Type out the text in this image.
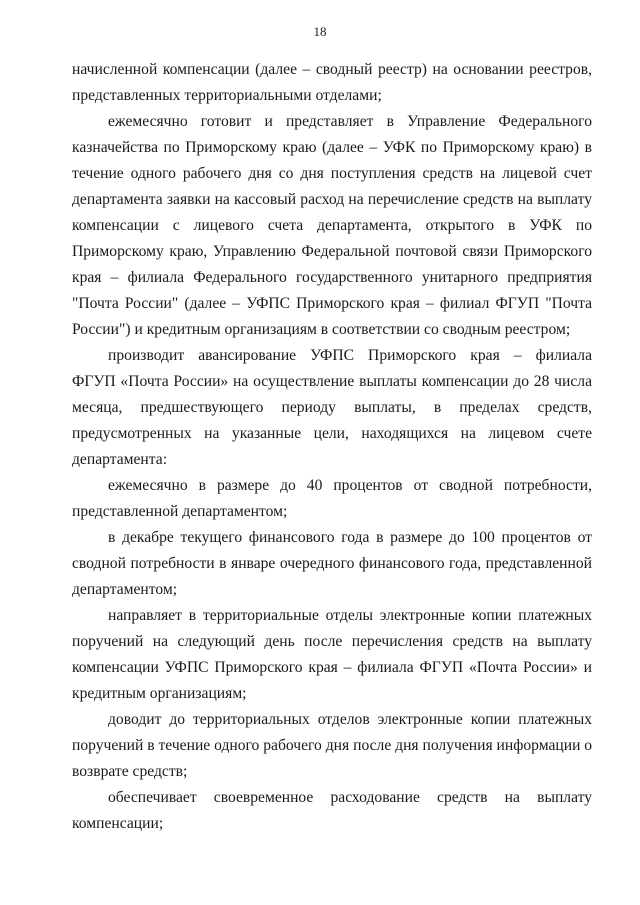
18
начисленной компенсации (далее – сводный реестр) на основании реестров,
представленных территориальными отделами;
ежемесячно готовит и представляет в Управление Федерального
казначейства по Приморскому краю (далее – УФК по Приморскому краю) в
течение одного рабочего дня со дня поступления средств на лицевой счет
департамента заявки на кассовый расход на перечисление средств на выплату
компенсации с лицевого счета департамента, открытого в УФК по
Приморскому краю, Управлению Федеральной почтовой связи Приморского
края – филиала Федерального государственного унитарного предприятия
"Почта России" (далее – УФПС Приморского края – филиал ФГУП "Почта
России") и кредитным организациям в соответствии со сводным реестром;
производит авансирование УФПС Приморского края – филиала
ФГУП «Почта России» на осуществление выплаты компенсации до 28 числа
месяца, предшествующего периоду выплаты, в пределах средств,
предусмотренных на указанные цели, находящихся на лицевом счете
департамента:
ежемесячно в размере до 40 процентов от сводной потребности,
представленной департаментом;
в декабре текущего финансового года в размере до 100 процентов от
сводной потребности в январе очередного финансового года, представленной
департаментом;
направляет в территориальные отделы электронные копии платежных
поручений на следующий день после перечисления средств на выплату
компенсации УФПС Приморского края – филиала ФГУП «Почта России» и
кредитным организациям;
доводит до территориальных отделов электронные копии платежных
поручений в течение одного рабочего дня после дня получения информации о
возврате средств;
обеспечивает своевременное расходование средств на выплату
компенсации;
